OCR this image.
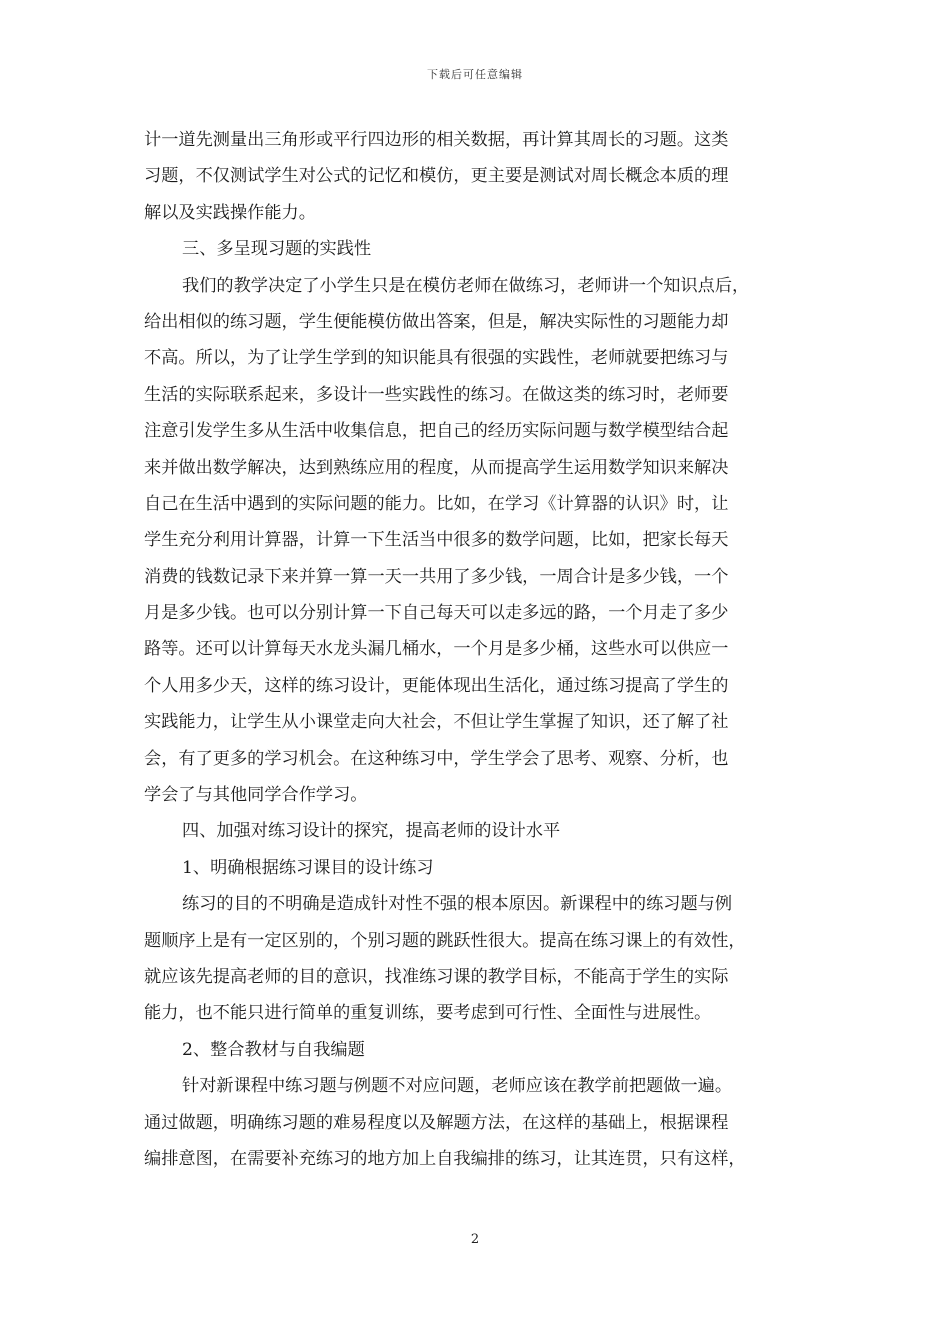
下载后可任意编辑
计一道先测量出三角形或平行四边形的相关数据，再计算其周长的习题。这类
习题，不仅测试学生对公式的记忆和模仿，更主要是测试对周长概念本质的理
解以及实践操作能力。
三、多呈现习题的实践性
我们的教学决定了小学生只是在模仿老师在做练习，老师讲一个知识点后，
给出相似的练习题，学生便能模仿做出答案，但是，解决实际性的习题能力却
不高。所以，为了让学生学到的知识能具有很强的实践性，老师就要把练习与
生活的实际联系起来，多设计一些实践性的练习。在做这类的练习时，老师要
注意引发学生多从生活中收集信息，把自己的经历实际问题与数学模型结合起
来并做出数学解决，达到熟练应用的程度，从而提高学生运用数学知识来解决
自己在生活中遇到的实际问题的能力。比如，在学习《计算器的认识》时，让
学生充分利用计算器，计算一下生活当中很多的数学问题，比如，把家长每天
消费的钱数记录下来并算一算一天一共用了多少钱，一周合计是多少钱，一个
月是多少钱。也可以分别计算一下自己每天可以走多远的路，一个月走了多少
路等。还可以计算每天水龙头漏几桶水，一个月是多少桶，这些水可以供应一
个人用多少天，这样的练习设计，更能体现出生活化，通过练习提高了学生的
实践能力，让学生从小课堂走向大社会，不但让学生掌握了知识，还了解了社
会，有了更多的学习机会。在这种练习中，学生学会了思考、观察、分析，也
学会了与其他同学合作学习。
四、加强对练习设计的探究，提高老师的设计水平
1、明确根据练习课目的设计练习
练习的目的不明确是造成针对性不强的根本原因。新课程中的练习题与例
题顺序上是有一定区别的，个别习题的跳跃性很大。提高在练习课上的有效性，
就应该先提高老师的目的意识，找准练习课的教学目标，不能高于学生的实际
能力，也不能只进行简单的重复训练，要考虑到可行性、全面性与进展性。
2、整合教材与自我编题
针对新课程中练习题与例题不对应问题，老师应该在教学前把题做一遍。
通过做题，明确练习题的难易程度以及解题方法，在这样的基础上，根据课程
编排意图，在需要补充练习的地方加上自我编排的练习，让其连贯，只有这样，
2
